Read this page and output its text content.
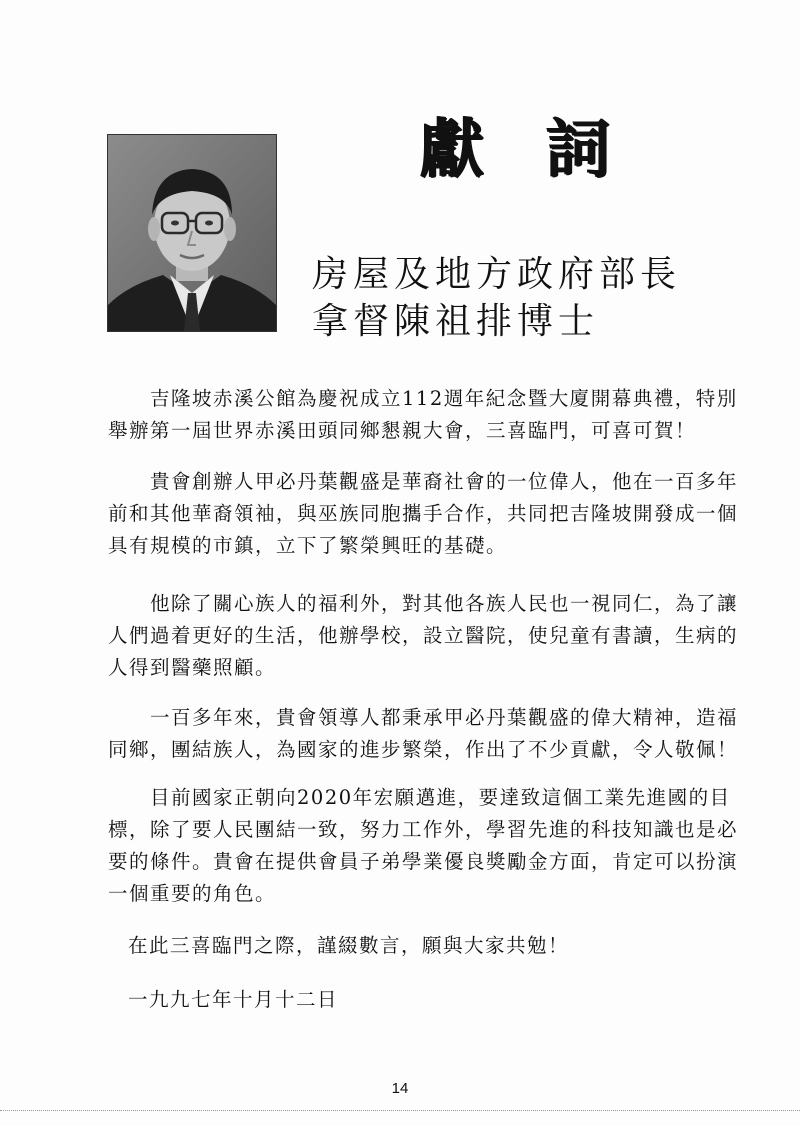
獻 詞
房屋及地方政府部長
拿督陳祖排博士

吉隆坡赤溪公館為慶祝成立112週年紀念暨大廈開幕典禮，特別舉辦第一屆世界赤溪田頭同鄉懇親大會，三喜臨門，可喜可賀！

貴會創辦人甲必丹葉觀盛是華裔社會的一位偉人，他在一百多年前和其他華裔領袖，與巫族同胞攜手合作，共同把吉隆坡開發成一個具有規模的市鎮，立下了繁榮興旺的基礎。

他除了關心族人的福利外，對其他各族人民也一視同仁，為了讓人們過着更好的生活，他辦學校，設立醫院，使兒童有書讀，生病的人得到醫藥照顧。

一百多年來，貴會領導人都秉承甲必丹葉觀盛的偉大精神，造福同鄉，團結族人，為國家的進步繁榮，作出了不少貢獻，令人敬佩！

目前國家正朝向2020年宏願邁進，要達致這個工業先進國的目標，除了要人民團結一致，努力工作外，學習先進的科技知識也是必要的條件。貴會在提供會員子弟學業優良獎勵金方面，肯定可以扮演一個重要的角色。

在此三喜臨門之際，謹綴數言，願與大家共勉！

一九九七年十月十二日

14
